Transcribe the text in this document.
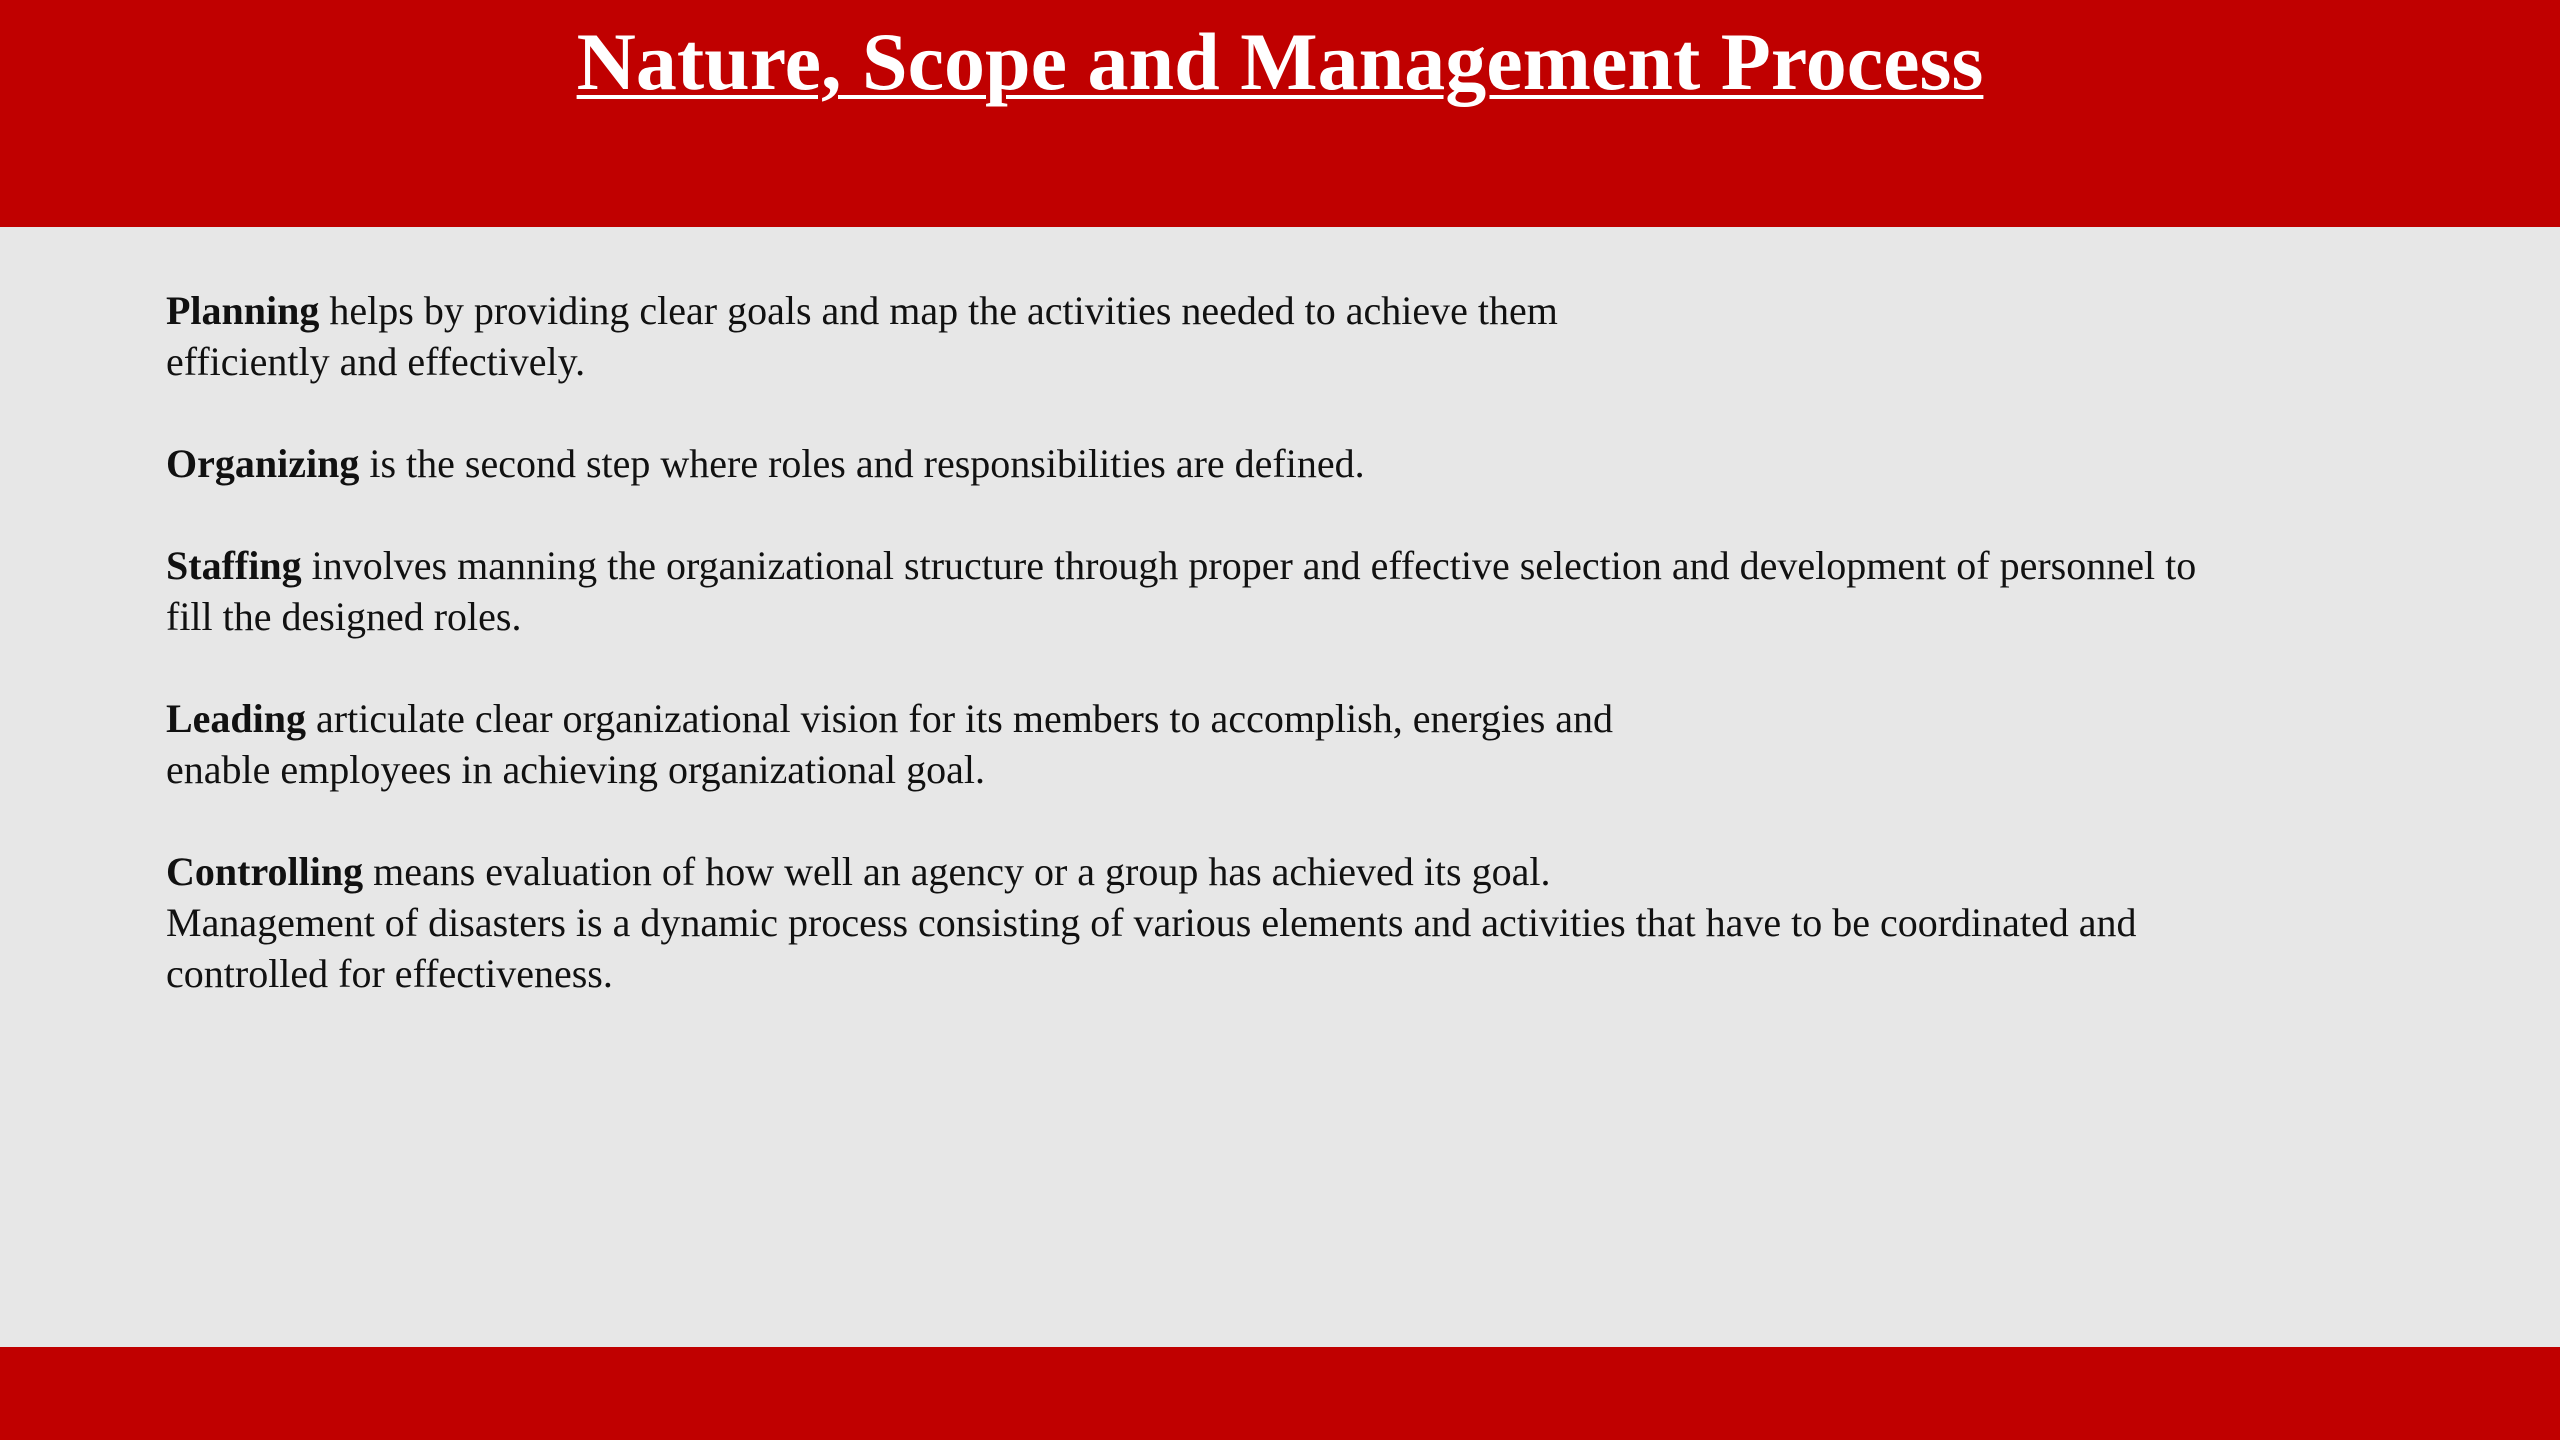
Nature, Scope and Management Process

Planning helps by providing clear goals and map the activities needed to achieve them
efficiently and effectively.

Organizing is the second step where roles and responsibilities are defined.

Staffing involves manning the organizational structure through proper and effective selection and development of personnel to
fill the designed roles.

Leading articulate clear organizational vision for its members to accomplish, energies and
enable employees in achieving organizational goal.

Controlling means evaluation of how well an agency or a group has achieved its goal.
Management of disasters is a dynamic process consisting of various elements and activities that have to be coordinated and
controlled for effectiveness.
